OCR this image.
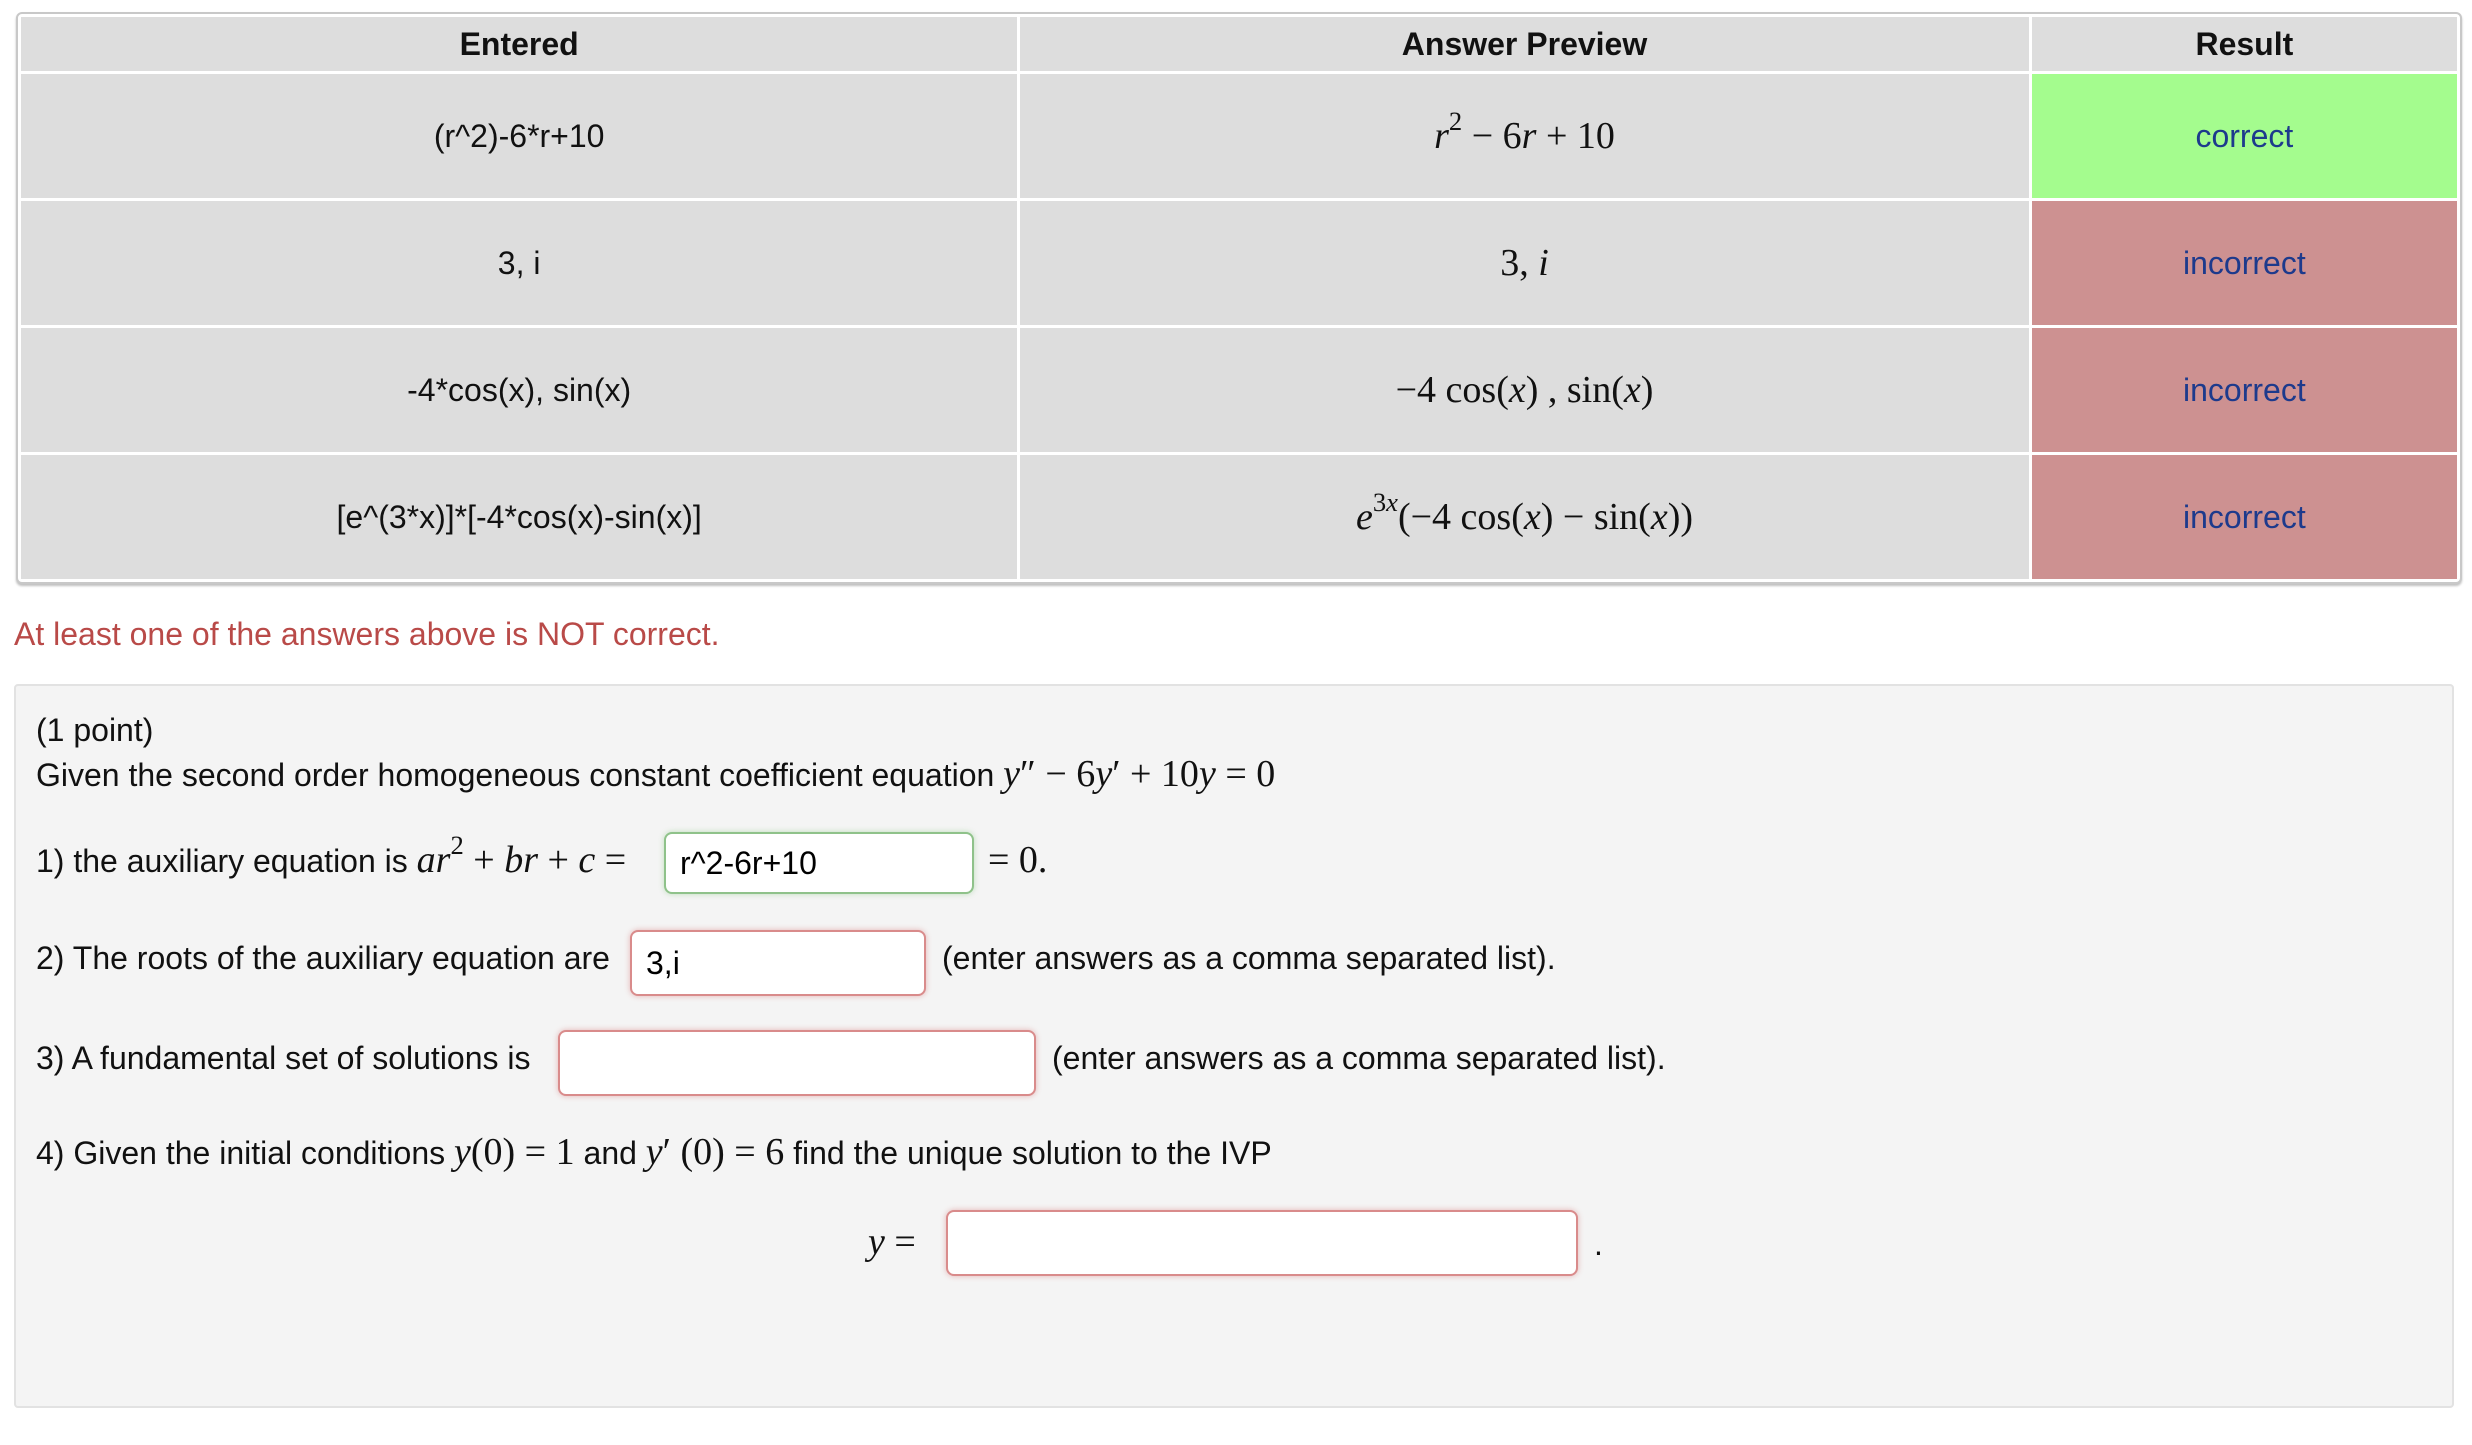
Entered	Answer Preview	Result
(r^2)-6*r+10	$r^2 - 6r + 10$	correct
3, i	3, i	incorrect
-4*cos(x), sin(x)	−4 cos(x) , sin(x)	incorrect
[e^(3*x)]*[-4*cos(x)-sin(x)]	$e^{3x}(-4$ cos(x) − sin(x))	incorrect
At least one of the answers above is NOT correct.
(1 point)
Given the second order homogeneous constant coefficient equation y″ − 6y′ + 10y = 0
1) the auxiliary equation is $ar^2$ + br + c =
r^2-6r+10	= 0.
2) The roots of the auxiliary equation are
3,i	(enter answers as a comma separated list).
3) A fundamental set of solutions is	(enter answers as a comma separated list).
4) Given the initial conditions y(0) = 1 and y′ (0) = 6 find the unique solution to the IVP
y =	.
